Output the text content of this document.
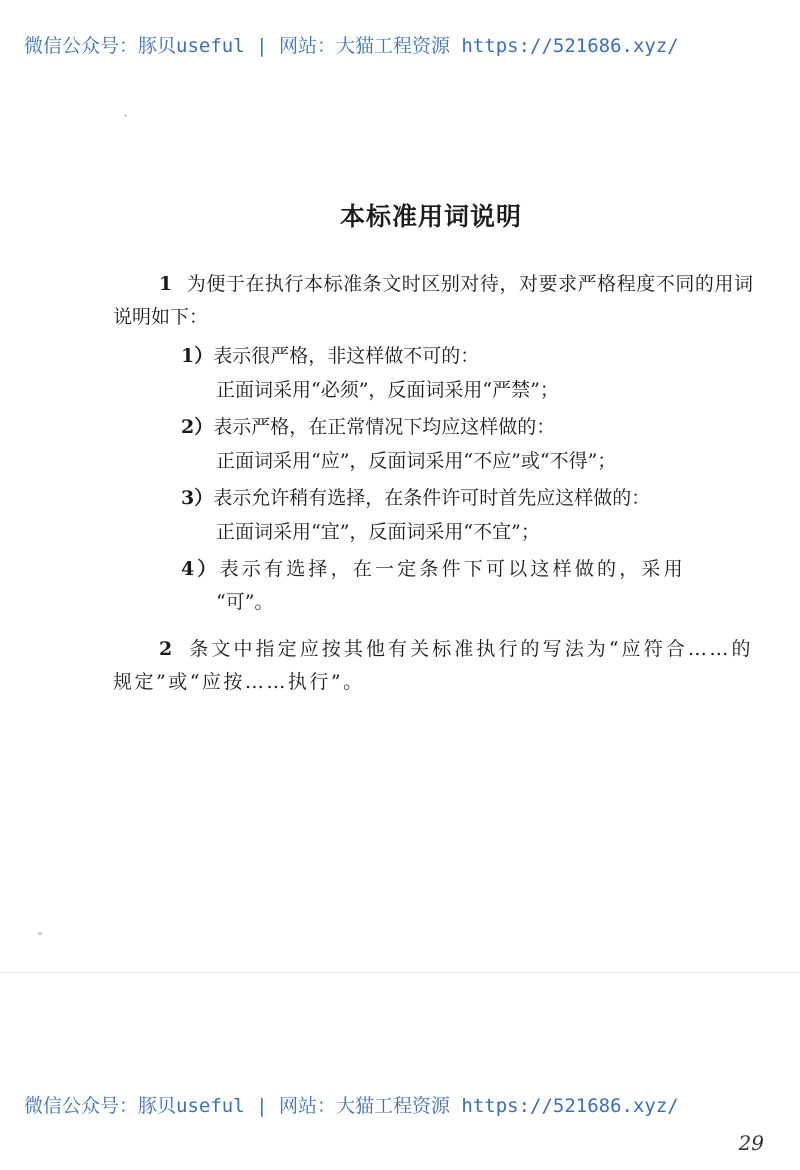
微信公众号：豚贝useful | 网站：大猫工程资源 https://521686.xyz/
本标准用词说明

1 为便于在执行本标准条文时区别对待，对要求严格程度不同的用词说明如下：

1）表示很严格，非这样做不可的：
正面词采用“必须”，反面词采用“严禁”；
2）表示严格，在正常情况下均应这样做的：
正面词采用“应”，反面词采用“不应”或“不得”；
3）表示允许稍有选择，在条件许可时首先应这样做的：
正面词采用“宜”，反面词采用“不宜”；
4）表示有选择，在一定条件下可以这样做的，采用
“可”。

2 条文中指定应按其他有关标准执行的写法为“应符合……的规定”或“应按……执行”。

微信公众号：豚贝useful | 网站：大猫工程资源 https://521686.xyz/
29
